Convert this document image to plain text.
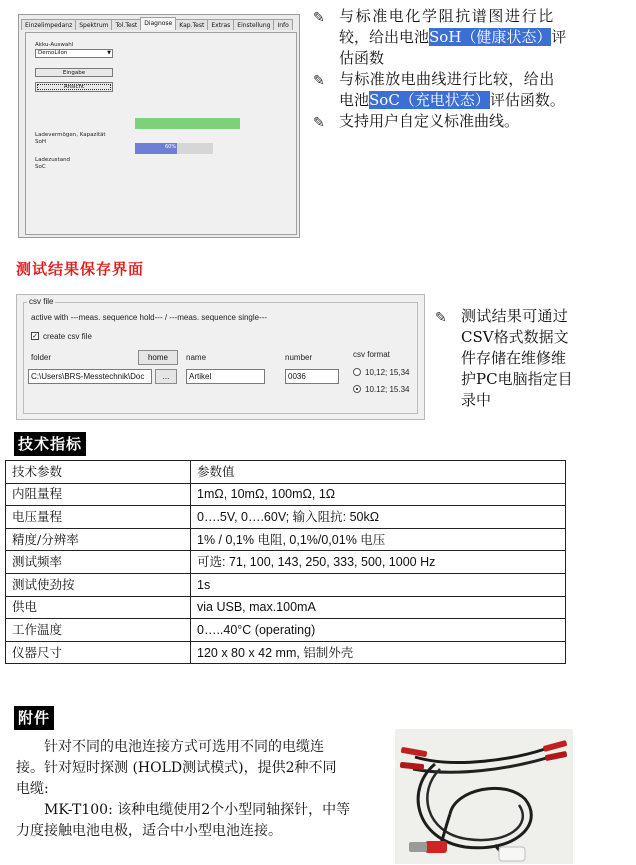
Einzelimpedanz	Spektrum	Tol.Test	Diagnose	Kap.Test	Extras	Einstellung	Info
Akku-Auswahl
DemoLiIon	▼
Eingabe
Ansicht
Ladevermögen, Kapazität
SoH
Ladezustand
SoC
60%
✎ 与标准电化学阻抗谱图进行比
较，给出电池SoH（健康状态）评
估函数
✎ 与标准放电曲线进行比较，给出
电池SoC（充电状态）评估函数。
✎ 支持用户自定义标准曲线。
测试结果保存界面
csv file
active with ---meas. sequence hold--- / ---meas. sequence single---
✓ create csv file
folder	home
C:\Users\BRS-Messtechnik\Doc	...
name
Artikel
number
0036
csv format
10,12; 15,34
10.12; 15.34
✎ 测试结果可通过
CSV格式数据文
件存储在维修维
护PC电脑指定目
录中
技术指标
技术参数	参数值
内阻量程	1mΩ, 10mΩ, 100mΩ, 1Ω
电压量程	0….5V, 0….60V; 输入阻抗: 50kΩ
精度/分辨率	1% / 0,1% 电阻, 0,1%/0,01% 电压
测试频率	可选: 71, 100, 143, 250, 333, 500, 1000 Hz
测试使劲按	1s
供电	via USB, max.100mA
工作温度	0…..40°C (operating)
仪器尺寸	120 x 80 x 42 mm, 铝制外壳
附件
针对不同的电池连接方式可选用不同的电缆连
接。针对短时探测 (HOLD测试模式)，提供2种不同
电缆:
MK-T100: 该种电缆使用2个小型同轴探针，中等
力度接触电池电极，适合中小型电池连接。
